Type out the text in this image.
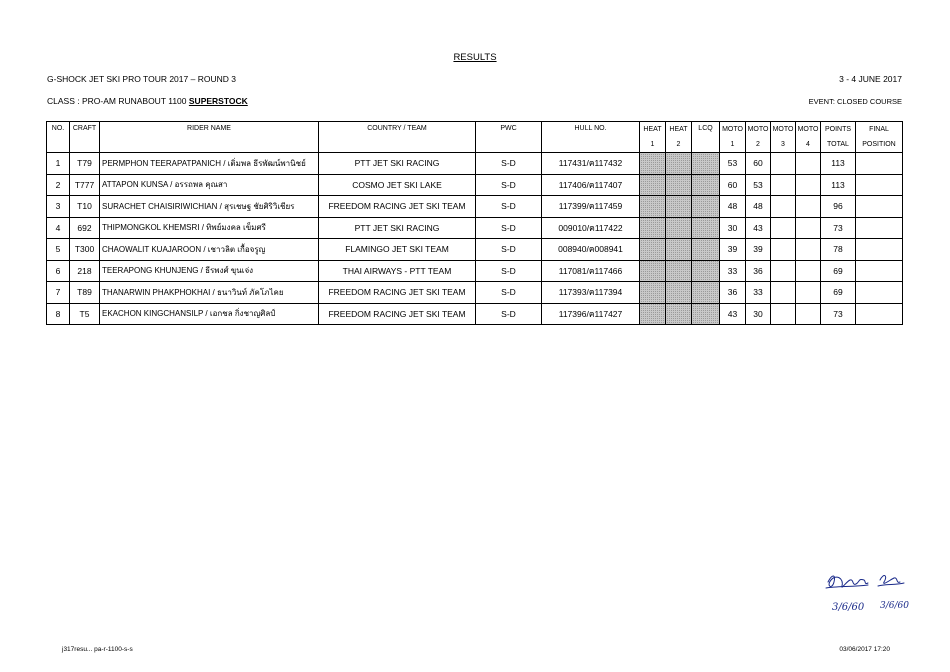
RESULTS
G-SHOCK JET SKI PRO TOUR 2017 – ROUND 3	3 - 4 JUNE 2017
CLASS : PRO-AM RUNABOUT 1100 SUPERSTOCK	EVENT: CLOSED COURSE
NO.	CRAFT	RIDER NAME	COUNTRY / TEAM	PWC	HULL NO.	HEAT	HEAT	LCQ	MOTO	MOTO	MOTO	MOTO	POINTS	FINAL
						1	2		1	2	3	4	TOTAL	POSITION
1	T79	PERMPHON TEERAPATPANICH / เติ่มพล ธีรพัฒน์พานิชย์	PTT JET SKI RACING	S-D	117431/ค117432				53	60			113	
2	T777	ATTAPON KUNSA / อรรถพล คุณสา	COSMO JET SKI LAKE	S-D	117406/ค117407				60	53			113	
3	T10	SURACHET CHAISIRIWICHIAN / สุรเชษฐ ชัยศิริวิเชียร	FREEDOM RACING JET SKI TEAM	S-D	117399/ค117459				48	48			96	
4	692	THIPMONGKOL KHEMSRI / ทิพย์มงคล เข็มศรี	PTT JET SKI RACING	S-D	009010/ค117422				30	43			73	
5	T300	CHAOWALIT KUAJAROON / เชาวลิต เกื้อจรูญ	FLAMINGO JET SKI TEAM	S-D	008940/ค008941				39	39			78	
6	218	TEERAPONG KHUNJENG / ธีรพงศ์ ขุนเจ่ง	THAI AIRWAYS - PTT TEAM	S-D	117081/ค117466				33	36			69	
7	T89	THANARWIN PHAKPHOKHAI / ธนาวินท์ ภัคโภไคย	FREEDOM RACING JET SKI TEAM	S-D	117393/ค117394				36	33			69	
8	T5	EKACHON KINGCHANSILP / เอกชล กิ่งชาญศิลป์	FREEDOM RACING JET SKI TEAM	S-D	117396/ค117427				43	30			73	
3/6/60 3/6/60
j317resu... pa-r-1100-s-s	03/06/2017 17:20
